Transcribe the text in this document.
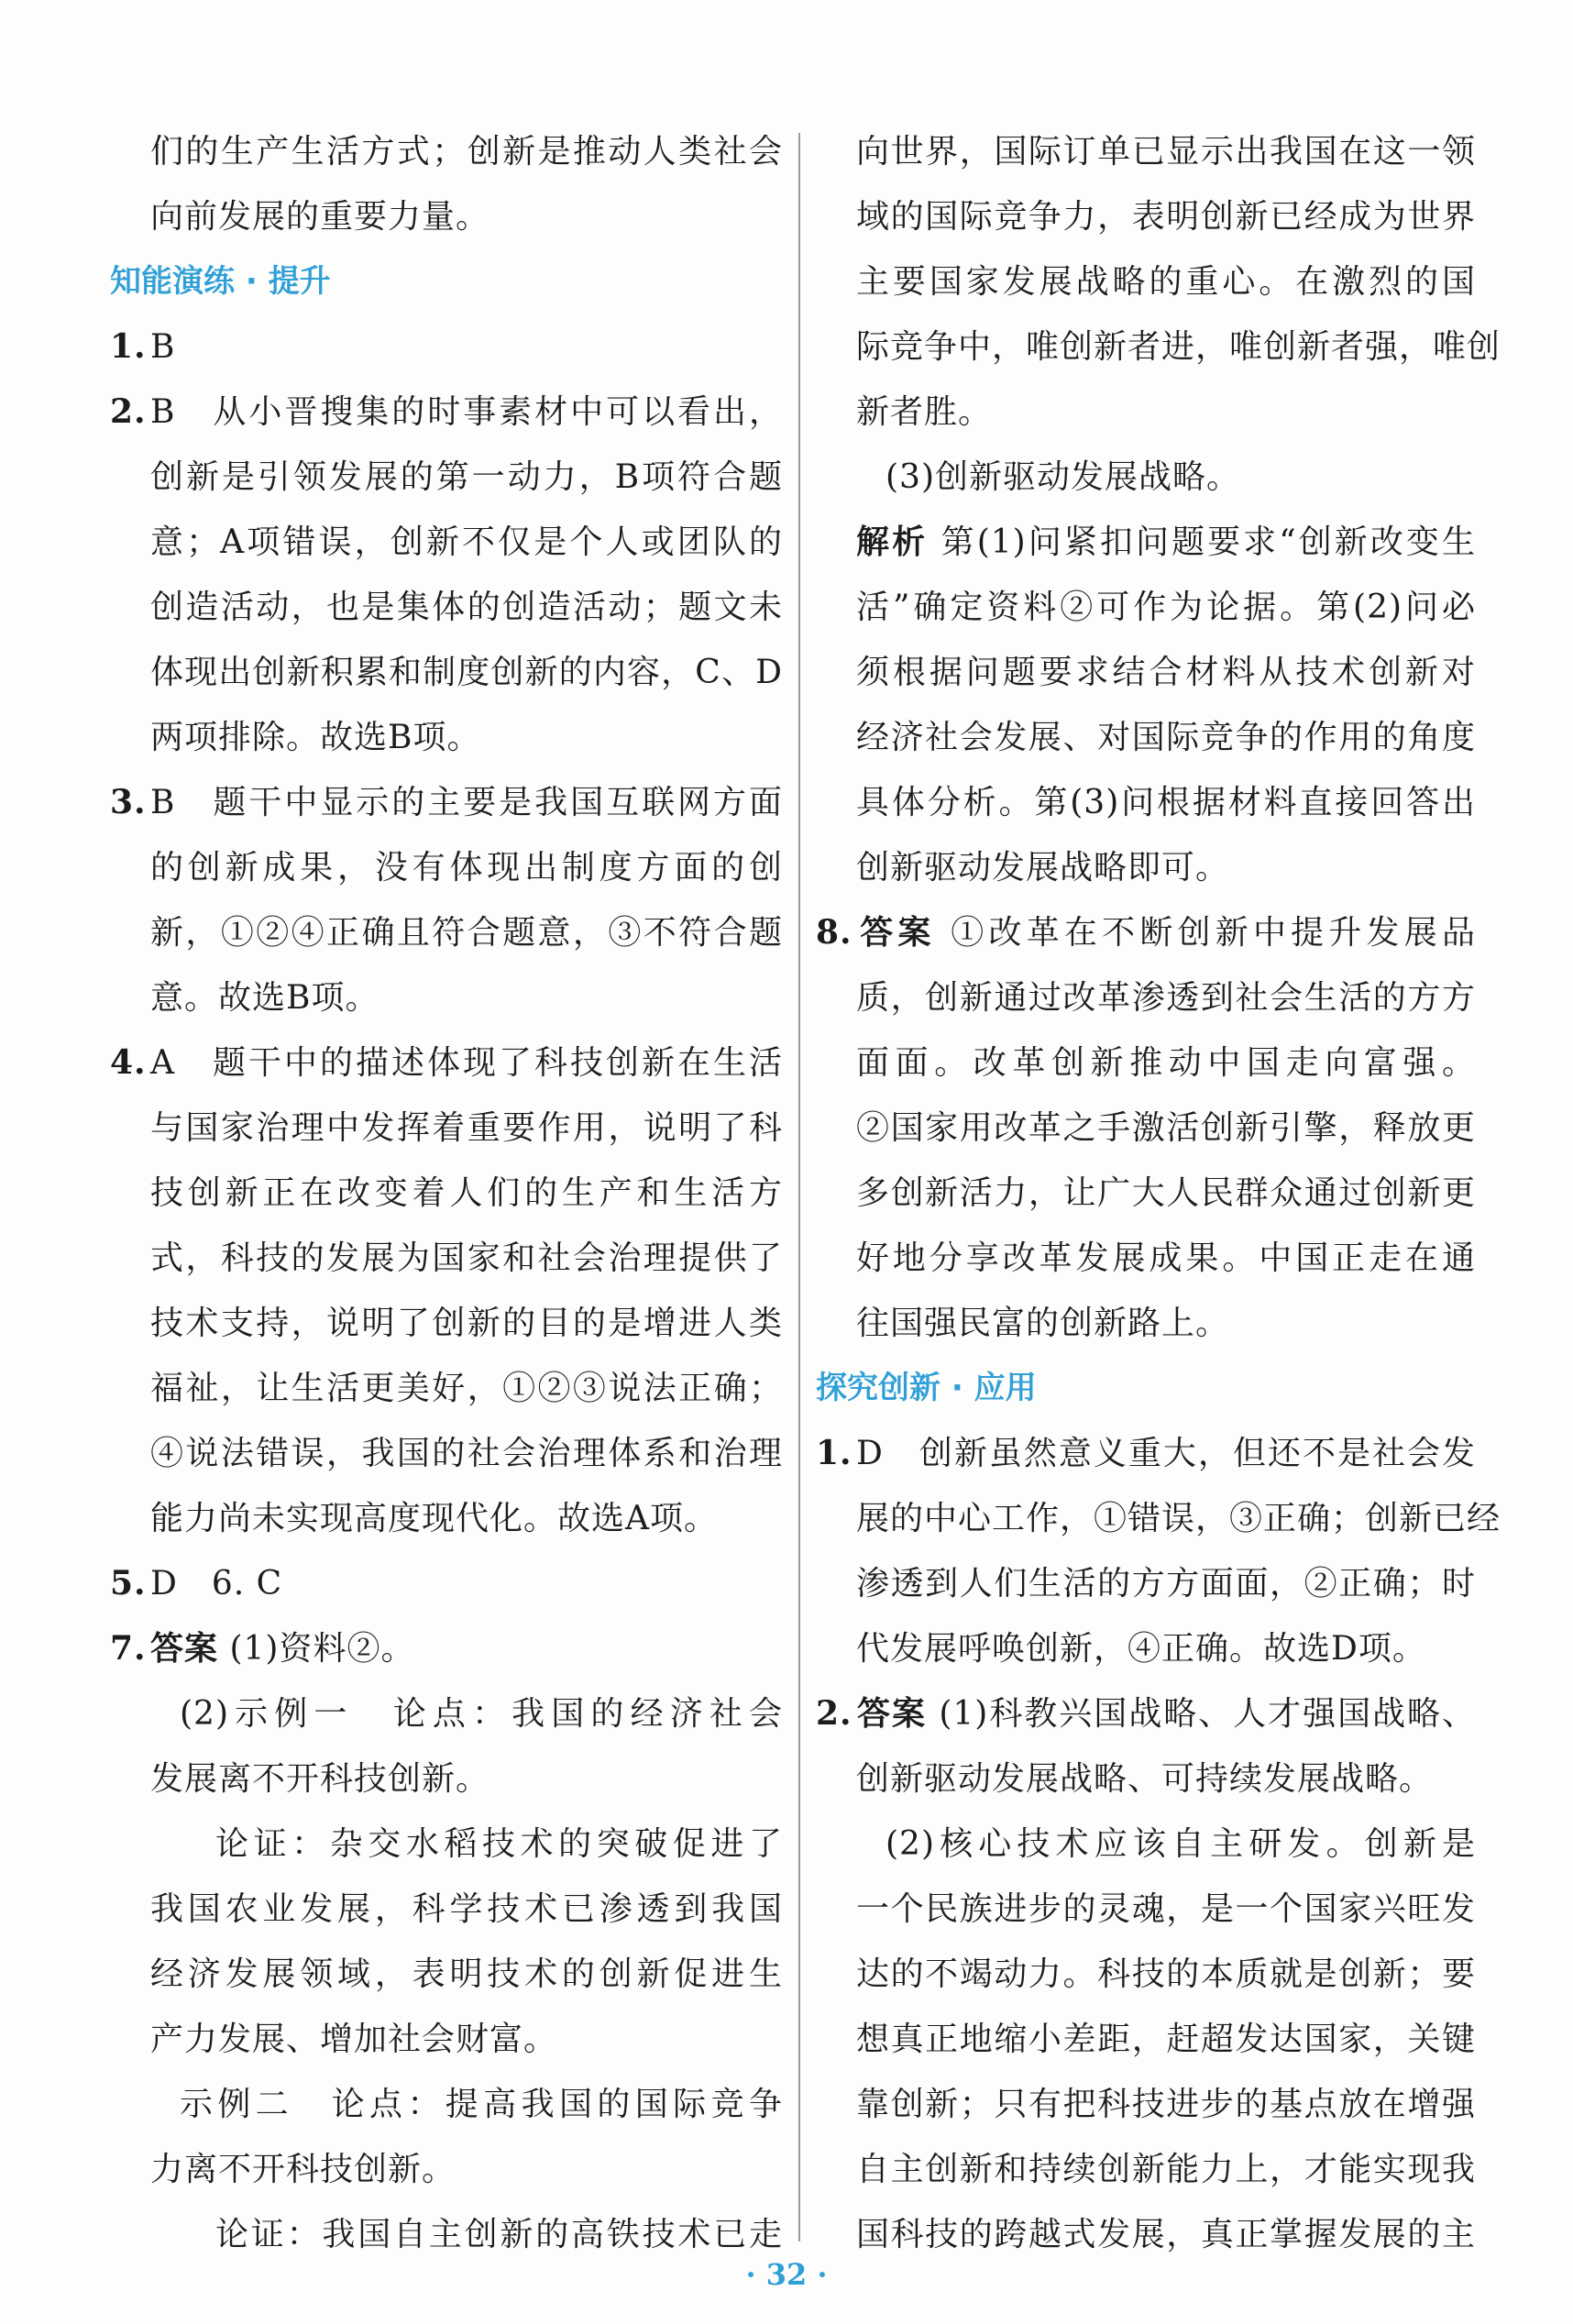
们的生产生活方式；创新是推动人类社会
向前发展的重要力量。
知能演练 · 提升
1. B
2. B　从小晋搜集的时事素材中可以看出，
创新是引领发展的第一动力，B项符合题
意；A项错误，创新不仅是个人或团队的
创造活动，也是集体的创造活动；题文未
体现出创新积累和制度创新的内容，C、D
两项排除。故选B项。
3. B　题干中显示的主要是我国互联网方面
的创新成果，没有体现出制度方面的创
新，①②④正确且符合题意，③不符合题
意。故选B项。
4. A　题干中的描述体现了科技创新在生活
与国家治理中发挥着重要作用，说明了科
技创新正在改变着人们的生产和生活方
式，科技的发展为国家和社会治理提供了
技术支持，说明了创新的目的是增进人类
福祉，让生活更美好，①②③说法正确；
④说法错误，我国的社会治理体系和治理
能力尚未实现高度现代化。故选A项。
5. D　6. C
7. 答案 (1)资料②。
(2)示例一　论点：我国的经济社会
发展离不开科技创新。
论证：杂交水稻技术的突破促进了
我国农业发展，科学技术已渗透到我国
经济发展领域，表明技术的创新促进生
产力发展、增加社会财富。
示例二　论点：提高我国的国际竞争
力离不开科技创新。
论证：我国自主创新的高铁技术已走
向世界，国际订单已显示出我国在这一领
域的国际竞争力，表明创新已经成为世界
主要国家发展战略的重心。在激烈的国
际竞争中，唯创新者进，唯创新者强，唯创
新者胜。
(3)创新驱动发展战略。
解析 第(1)问紧扣问题要求“创新改变生
活”确定资料②可作为论据。第(2)问必
须根据问题要求结合材料从技术创新对
经济社会发展、对国际竞争的作用的角度
具体分析。第(3)问根据材料直接回答出
创新驱动发展战略即可。
8. 答案 ①改革在不断创新中提升发展品
质，创新通过改革渗透到社会生活的方方
面面。改革创新推动中国走向富强。
②国家用改革之手激活创新引擎，释放更
多创新活力，让广大人民群众通过创新更
好地分享改革发展成果。中国正走在通
往国强民富的创新路上。
探究创新 · 应用
1. D　创新虽然意义重大，但还不是社会发
展的中心工作，①错误，③正确；创新已经
渗透到人们生活的方方面面，②正确；时
代发展呼唤创新，④正确。故选D项。
2. 答案 (1)科教兴国战略、人才强国战略、
创新驱动发展战略、可持续发展战略。
(2)核心技术应该自主研发。创新是
一个民族进步的灵魂，是一个国家兴旺发
达的不竭动力。科技的本质就是创新；要
想真正地缩小差距，赶超发达国家，关键
靠创新；只有把科技进步的基点放在增强
自主创新和持续创新能力上，才能实现我
国科技的跨越式发展，真正掌握发展的主
· 32 ·
